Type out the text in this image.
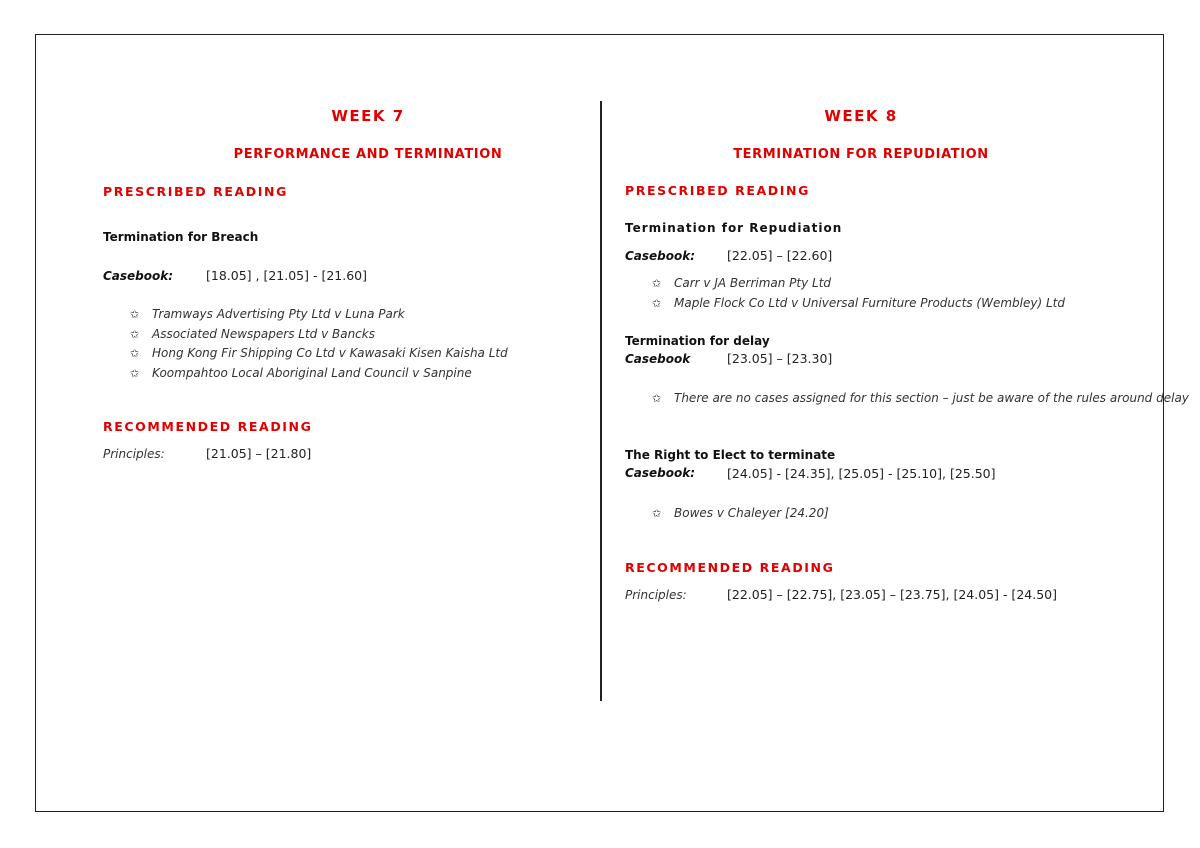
WEEK 7
PERFORMANCE AND TERMINATION
PRESCRIBED READING
Termination for Breach
Casebook:	[18.05] , [21.05] - [21.60]
✩ Tramways Advertising Pty Ltd v Luna Park
✩ Associated Newspapers Ltd v Bancks
✩ Hong Kong Fir Shipping Co Ltd v Kawasaki Kisen Kaisha Ltd
✩ Koompahtoo Local Aboriginal Land Council v Sanpine
RECOMMENDED READING
Principles:	[21.05] – [21.80]
WEEK 8
TERMINATION FOR REPUDIATION
PRESCRIBED READING
Termination for Repudiation
Casebook:	[22.05] – [22.60]
✩ Carr v JA Berriman Pty Ltd
✩ Maple Flock Co Ltd v Universal Furniture Products (Wembley) Ltd
Termination for delay
Casebook	[23.05] – [23.30]
✩ There are no cases assigned for this section – just be aware of the rules around delay
The Right to Elect to terminate
Casebook:	[24.05] - [24.35], [25.05] - [25.10], [25.50]
✩ Bowes v Chaleyer [24.20]
RECOMMENDED READING
Principles:	[22.05] – [22.75], [23.05] – [23.75], [24.05] - [24.50]
